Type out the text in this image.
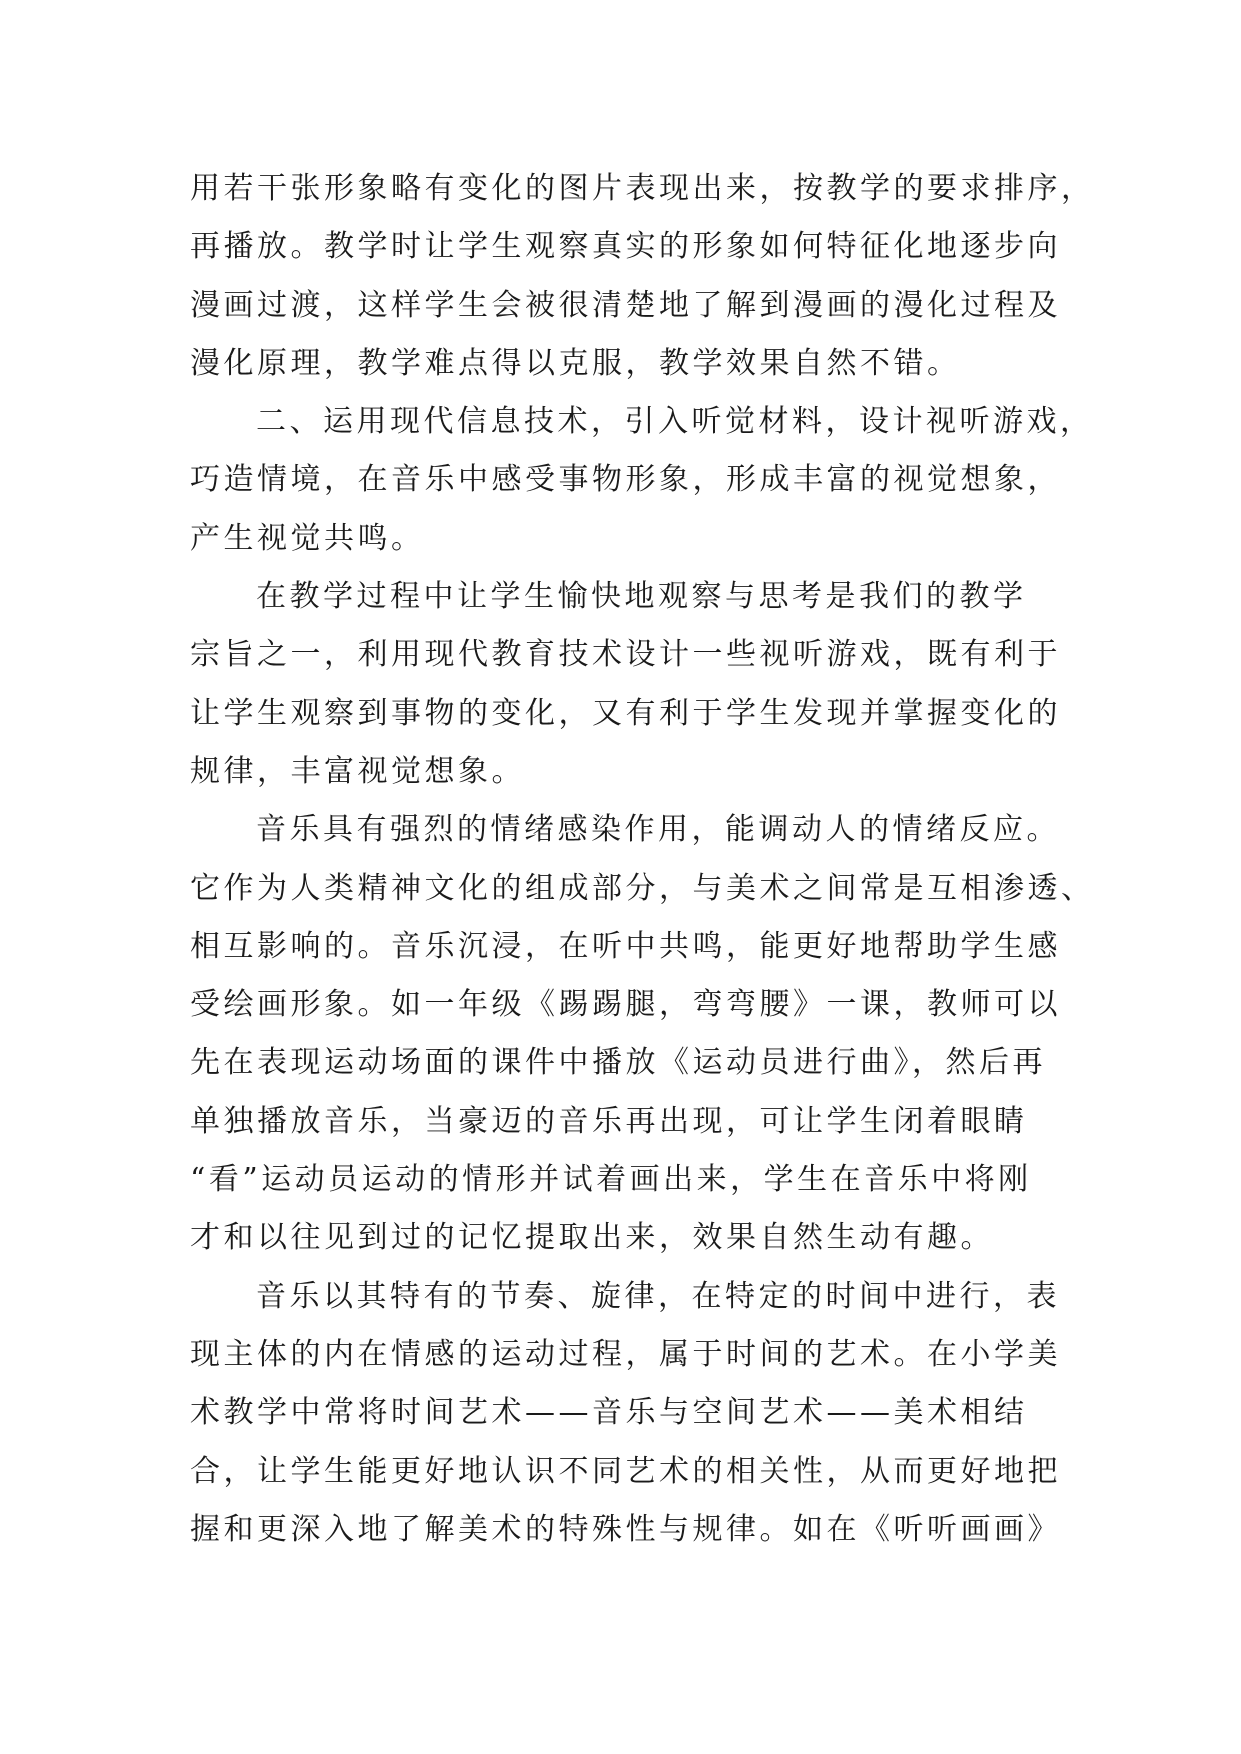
用若干张形象略有变化的图片表现出来，按教学的要求排序，
再播放。教学时让学生观察真实的形象如何特征化地逐步向
漫画过渡，这样学生会被很清楚地了解到漫画的漫化过程及
漫化原理，教学难点得以克服，教学效果自然不错。
二、运用现代信息技术，引入听觉材料，设计视听游戏，
巧造情境，在音乐中感受事物形象，形成丰富的视觉想象，
产生视觉共鸣。
在教学过程中让学生愉快地观察与思考是我们的教学
宗旨之一，利用现代教育技术设计一些视听游戏，既有利于
让学生观察到事物的变化，又有利于学生发现并掌握变化的
规律，丰富视觉想象。
音乐具有强烈的情绪感染作用，能调动人的情绪反应。
它作为人类精神文化的组成部分，与美术之间常是互相渗透、
相互影响的。音乐沉浸，在听中共鸣，能更好地帮助学生感
受绘画形象。如一年级《踢踢腿，弯弯腰》一课，教师可以
先在表现运动场面的课件中播放《运动员进行曲》，然后再
单独播放音乐，当豪迈的音乐再出现，可让学生闭着眼睛
“看”运动员运动的情形并试着画出来，学生在音乐中将刚
才和以往见到过的记忆提取出来，效果自然生动有趣。
音乐以其特有的节奏、旋律，在特定的时间中进行，表
现主体的内在情感的运动过程，属于时间的艺术。在小学美
术教学中常将时间艺术——音乐与空间艺术——美术相结
合，让学生能更好地认识不同艺术的相关性，从而更好地把
握和更深入地了解美术的特殊性与规律。如在《听听画画》
